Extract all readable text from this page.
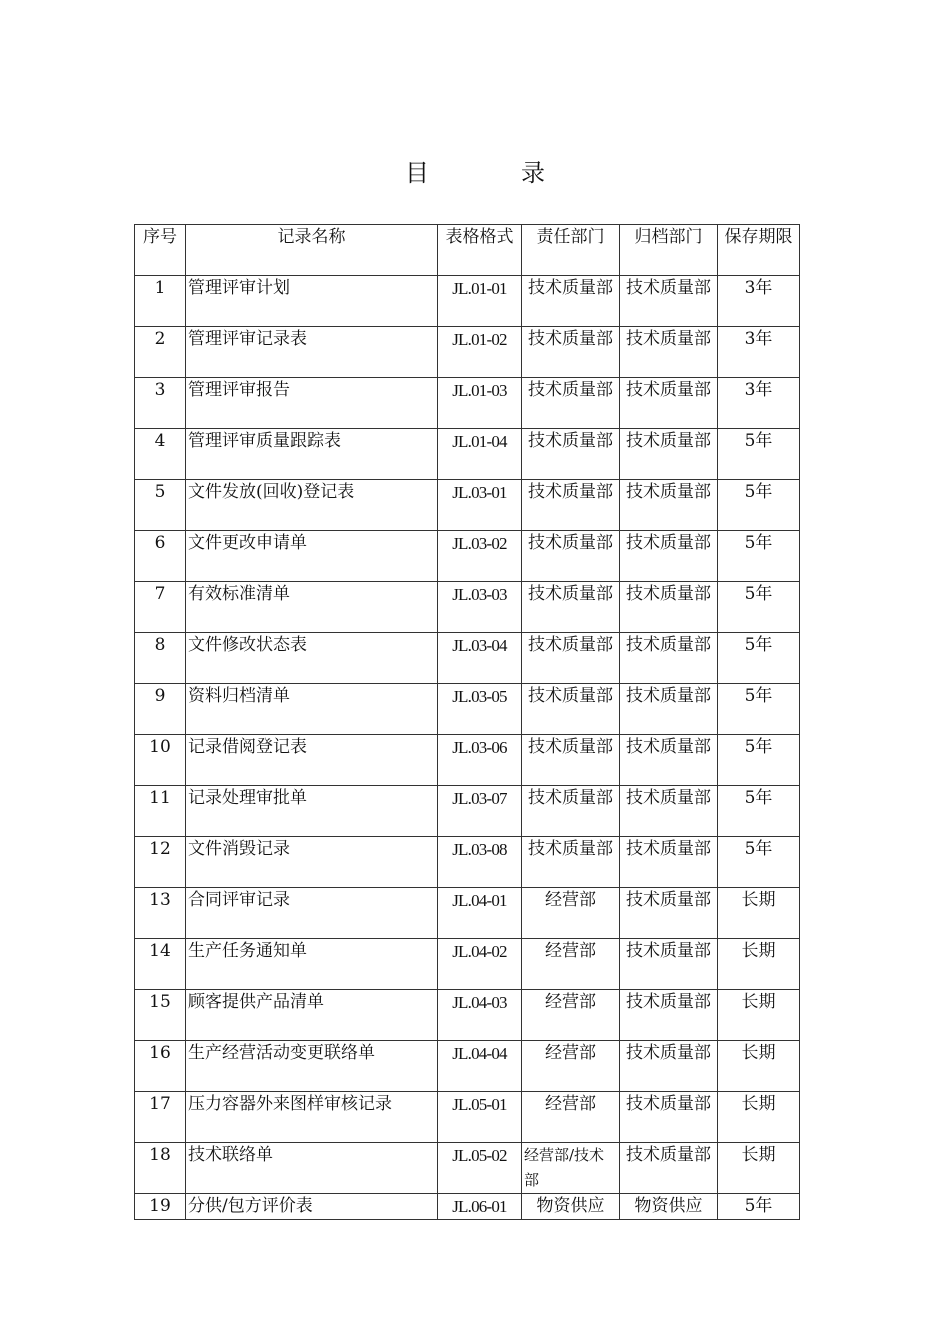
目　录
序号	记录名称	表格格式	责任部门	归档部门	保存期限
1	管理评审计划	JL.01-01	技术质量部	技术质量部	3年
2	管理评审记录表	JL.01-02	技术质量部	技术质量部	3年
3	管理评审报告	JL.01-03	技术质量部	技术质量部	3年
4	管理评审质量跟踪表	JL.01-04	技术质量部	技术质量部	5年
5	文件发放(回收)登记表	JL.03-01	技术质量部	技术质量部	5年
6	文件更改申请单	JL.03-02	技术质量部	技术质量部	5年
7	有效标准清单	JL.03-03	技术质量部	技术质量部	5年
8	文件修改状态表	JL.03-04	技术质量部	技术质量部	5年
9	资料归档清单	JL.03-05	技术质量部	技术质量部	5年
10	记录借阅登记表	JL.03-06	技术质量部	技术质量部	5年
11	记录处理审批单	JL.03-07	技术质量部	技术质量部	5年
12	文件消毁记录	JL.03-08	技术质量部	技术质量部	5年
13	合同评审记录	JL.04-01	经营部	技术质量部	长期
14	生产任务通知单	JL.04-02	经营部	技术质量部	长期
15	顾客提供产品清单	JL.04-03	经营部	技术质量部	长期
16	生产经营活动变更联络单	JL.04-04	经营部	技术质量部	长期
17	压力容器外来图样审核记录	JL.05-01	经营部	技术质量部	长期
18	技术联络单	JL.05-02	经营部/技术部	技术质量部	长期
19	分供/包方评价表	JL.06-01	物资供应	物资供应	5年
